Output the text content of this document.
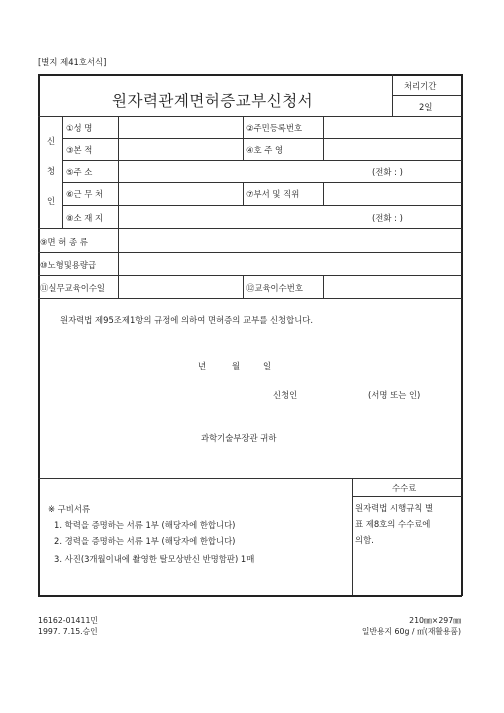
[별지 제41호서식]
원자력관계면허증교부신청서
처리기간
2일
신
청
인
①성 명	②주민등록번호
③본 적	④호 주 영
⑤주 소	(전화 : )
⑥근 무 처	⑦부서 및 직위
⑧소 재 지	(전화 : )
⑨면 허 종 류
⑩노형및용량급
⑪실무교육이수일	⑫교육이수번호
원자력법 제95조제1항의 규정에 의하여 면허증의 교부를 신청합니다.
년	월	일
신청인	(서명 또는 인)
과학기술부장관 귀하
수수료
원자력법 시행규칙 별
표 제8호의 수수료에
의함.
※ 구비서류
1. 학력을 증명하는 서류 1부 (해당자에 한합니다)
2. 경력을 증명하는 서류 1부 (해당자에 한합니다)
3. 사진(3개월이내에 촬영한 탈모상반신 반명함판) 1매
16162-01411민
1997. 7.15.승인
210㎜×297㎜
일반용지 60g / ㎡(재활용품)
